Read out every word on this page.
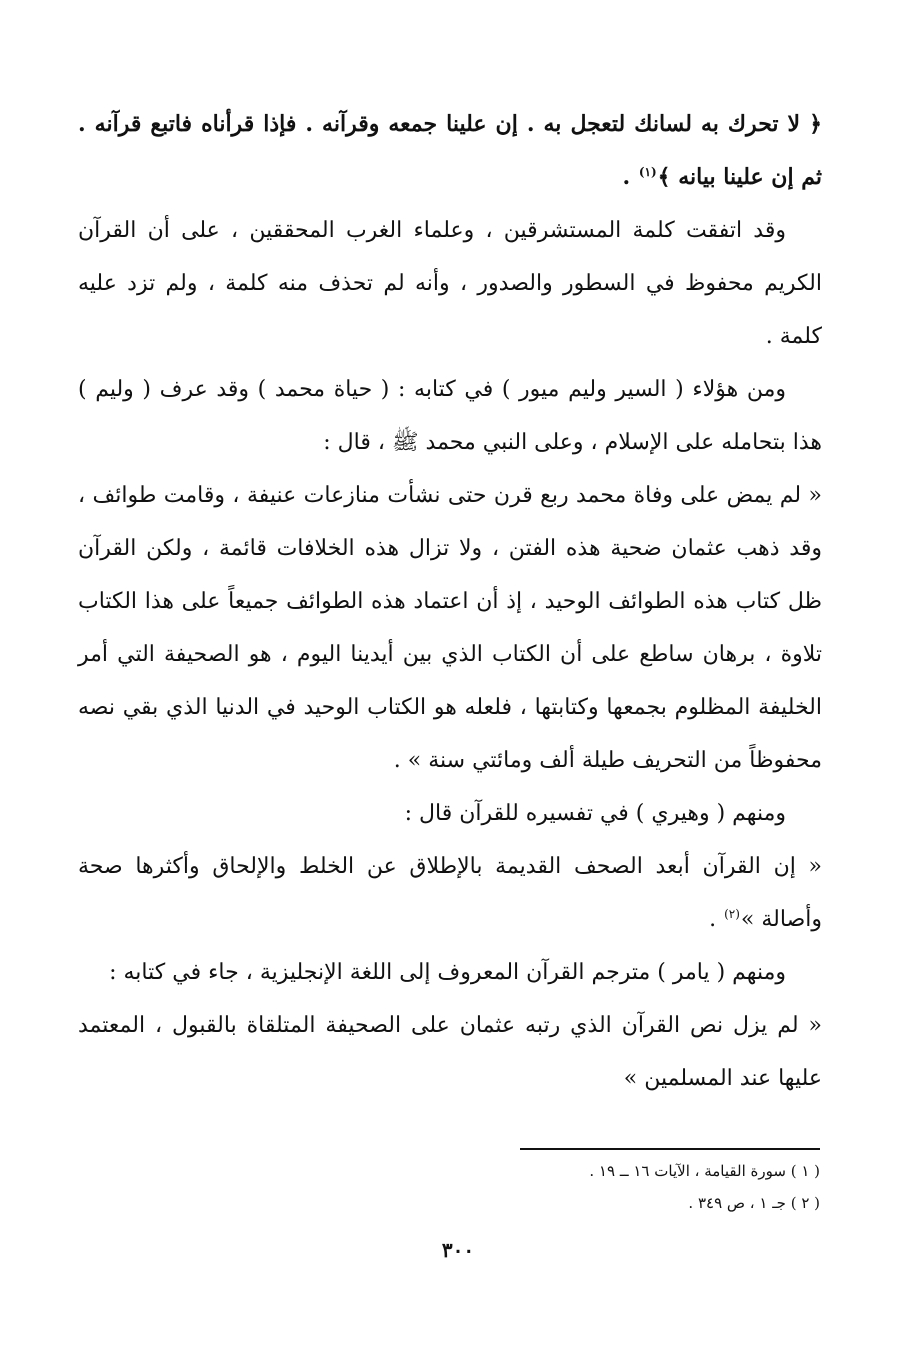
﴿ لا تحرك به لسانك لتعجل به . إن علينا جمعه وقرآنه . فإذا قرأناه فاتبع قرآنه . ثم إن علينا بيانه ﴾$^{(١)}$ .

وقد اتفقت كلمة المستشرقين ، وعلماء الغرب المحققين ، على أن القرآن الكريم محفوظ في السطور والصدور ، وأنه لم تحذف منه كلمة ، ولم تزد عليه كلمة .

ومن هؤلاء ( السير وليم ميور ) في كتابه : ( حياة محمد ) وقد عرف ( وليم ) هذا بتحامله على الإسلام ، وعلى النبي محمد ﷺ ، قال :

« لم يمض على وفاة محمد ربع قرن حتى نشأت منازعات عنيفة ، وقامت طوائف ، وقد ذهب عثمان ضحية هذه الفتن ، ولا تزال هذه الخلافات قائمة ، ولكن القرآن ظل كتاب هذه الطوائف الوحيد ، إذ أن اعتماد هذه الطوائف جميعاً على هذا الكتاب تلاوة ، برهان ساطع على أن الكتاب الذي بين أيدينا اليوم ، هو الصحيفة التي أمر الخليفة المظلوم بجمعها وكتابتها ، فلعله هو الكتاب الوحيد في الدنيا الذي بقي نصه محفوظاً من التحريف طيلة ألف ومائتي سنة » .

ومنهم ( وهيري ) في تفسيره للقرآن قال :

« إن القرآن أبعد الصحف القديمة بالإطلاق عن الخلط والإلحاق وأكثرها صحة وأصالة »$^{(٢)}$ .

ومنهم ( يامر ) مترجم القرآن المعروف إلى اللغة الإنجليزية ، جاء في كتابه :

« لم يزل نص القرآن الذي رتبه عثمان على الصحيفة المتلقاة بالقبول ، المعتمد عليها عند المسلمين »

( ١ ) سورة القيامة ، الآيات ١٦ ــ ١٩ .

( ٢ ) جـ ١ ، ص ٣٤٩ .

٣٠٠
